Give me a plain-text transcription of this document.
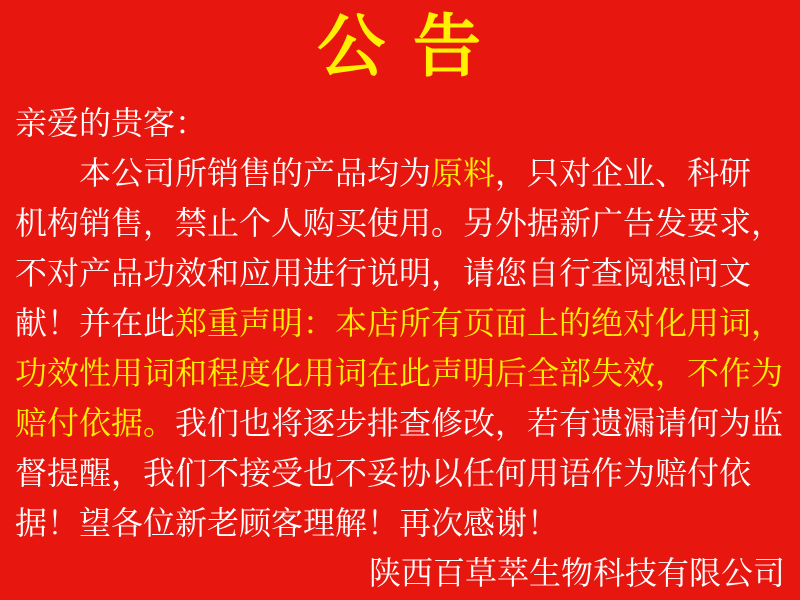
公 告
亲爱的贵客：
本公司所销售的产品均为原料，只对企业、科研
机构销售，禁止个人购买使用。另外据新广告发要求，
不对产品功效和应用进行说明，请您自行查阅想问文
献！并在此郑重声明：本店所有页面上的绝对化用词，
功效性用词和程度化用词在此声明后全部失效，不作为
赔付依据。我们也将逐步排查修改，若有遗漏请何为监
督提醒，我们不接受也不妥协以任何用语作为赔付依
据！望各位新老顾客理解！再次感谢！
陕西百草萃生物科技有限公司
